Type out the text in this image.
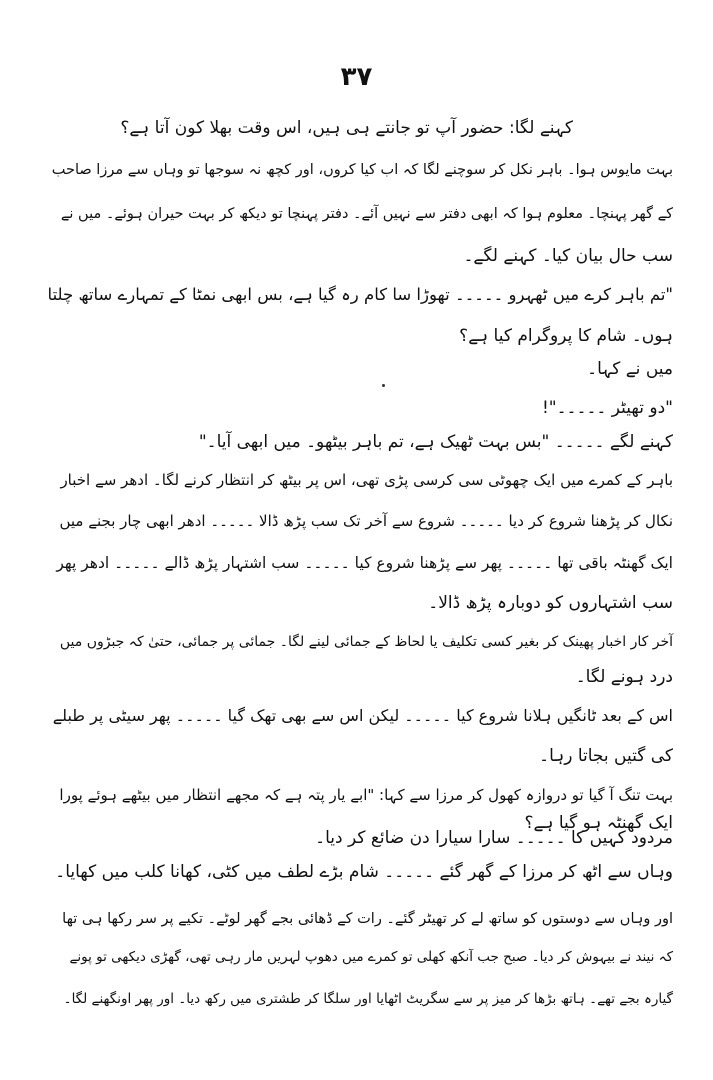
۳۷
کہنے لگا: حضور آپ تو جانتے ہی ہیں، اس وقت بھلا کون آتا ہے؟
بہت مایوس ہوا۔ باہر نکل کر سوچنے لگا کہ اب کیا کروں، اور کچھ نہ سوجھا تو وہاں سے مرزا صاحب
کے گھر پہنچا۔ معلوم ہوا کہ ابھی دفتر سے نہیں آئے۔ دفتر پہنچا تو دیکھ کر بہت حیران ہوئے۔ میں نے
سب حال بیان کیا۔ کہنے لگے۔
"تم باہر کرے میں ٹھہرو ۔۔۔۔۔ تھوڑا سا کام رہ گیا ہے، بس ابھی نمٹا کے تمہارے ساتھ چلتا
ہوں۔ شام کا پروگرام کیا ہے؟
میں نے کہا۔
"دو تھیٹر ۔۔۔۔۔"!
کہنے لگے ۔۔۔۔۔ "بس بہت ٹھیک ہے، تم باہر بیٹھو۔ میں ابھی آیا۔"
باہر کے کمرے میں ایک چھوٹی سی کرسی پڑی تھی، اس پر بیٹھ کر انتظار کرنے لگا۔ ادھر سے اخبار
نکال کر پڑھنا شروع کر دیا ۔۔۔۔۔ شروع سے آخر تک سب پڑھ ڈالا ۔۔۔۔۔ ادھر ابھی چار بجنے میں
ایک گھنٹہ باقی تھا ۔۔۔۔۔ پھر سے پڑھنا شروع کیا ۔۔۔۔۔ سب اشتہار پڑھ ڈالے ۔۔۔۔۔ ادھر پھر
سب اشتہاروں کو دوبارہ پڑھ ڈالا۔
آخر کار اخبار پھینک کر بغیر کسی تکلیف یا لحاظ کے جمائی لینے لگا۔ جمائی پر جمائی، حتیٰ کہ جبڑوں میں
درد ہونے لگا۔
اس کے بعد ٹانگیں ہلانا شروع کیا ۔۔۔۔۔ لیکن اس سے بھی تھک گیا ۔۔۔۔۔ پھر سیٹی پر طبلے
کی گتیں بجاتا رہا۔
بہت تنگ آ گیا تو دروازہ کھول کر مرزا سے کہا: "ابے یار پتہ ہے کہ مجھے انتظار میں بیٹھے ہوئے پورا
ایک گھنٹہ ہو گیا ہے؟
مردود کہیں کا ۔۔۔۔۔ سارا سیارا دن ضائع کر دیا۔
وہاں سے اٹھ کر مرزا کے گھر گئے ۔۔۔۔۔ شام بڑے لطف میں کٹی، کھانا کلب میں کھایا۔
اور وہاں سے دوستوں کو ساتھ لے کر تھیٹر گئے۔ رات کے ڈھائی بجے گھر لوٹے۔ تکیے پر سر رکھا ہی تھا
کہ نیند نے بیہوش کر دیا۔ صبح جب آنکھ کھلی تو کمرے میں دھوپ لہریں مار رہی تھی، گھڑی دیکھی تو پونے
گیارہ بجے تھے۔ ہاتھ بڑھا کر میز پر سے سگریٹ اٹھایا اور سلگا کر طشتری میں رکھ دیا۔ اور پھر اونگھنے لگا۔
